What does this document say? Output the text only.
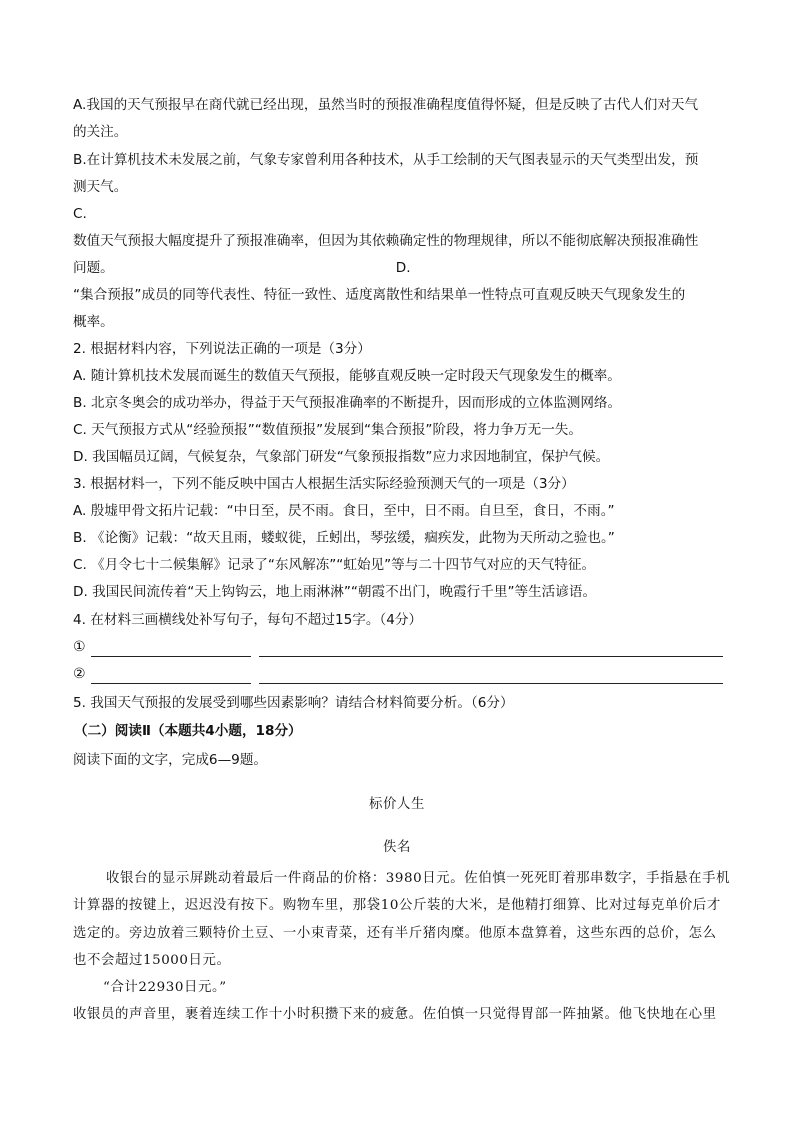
A.我国的天气预报早在商代就已经出现，虽然当时的预报准确程度值得怀疑，但是反映了古代人们对天气
的关注。
B.在计算机技术未发展之前，气象专家曾利用各种技术，从手工绘制的天气图表显示的天气类型出发，预
测天气。
C.
数值天气预报大幅度提升了预报准确率，但因为其依赖确定性的物理规律，所以不能彻底解决预报准确性
问题。	D.
“集合预报”成员的同等代表性、特征一致性、适度离散性和结果单一性特点可直观反映天气现象发生的
概率。
2. 根据材料内容，下列说法正确的一项是（3分）
A. 随计算机技术发展而诞生的数值天气预报，能够直观反映一定时段天气现象发生的概率。
B. 北京冬奥会的成功举办，得益于天气预报准确率的不断提升，因而形成的立体监测网络。
C. 天气预报方式从“经验预报”“数值预报”发展到“集合预报”阶段，将力争万无一失。
D. 我国幅员辽阔，气候复杂，气象部门研发“气象预报指数”应力求因地制宜，保护气候。
3. 根据材料一，下列不能反映中国古人根据生活实际经验预测天气的一项是（3分）
A. 殷墟甲骨文拓片记载：“中日至，昃不雨。食日，至中，日不雨。自旦至，食日，不雨。”
B. 《论衡》记载：“故天且雨，蝼蚁徙，丘蚓出，琴弦缓，痼疾发，此物为天所动之验也。”
C. 《月令七十二候集解》记录了“东风解冻”“虹始见”等与二十四节气对应的天气特征。
D. 我国民间流传着“天上钩钩云，地上雨淋淋”“朝霞不出门，晚霞行千里”等生活谚语。
4. 在材料三画横线处补写句子，每句不超过15字。（4分）
①
②
5. 我国天气预报的发展受到哪些因素影响？请结合材料简要分析。（6分）
（二）阅读Ⅱ（本题共4小题，18分）
阅读下面的文字，完成6—9题。
标价人生
佚名
收银台的显示屏跳动着最后一件商品的价格：3980日元。佐伯慎一死死盯着那串数字，手指悬在手机
计算器的按键上，迟迟没有按下。购物车里，那袋10公斤装的大米，是他精打细算、比对过每克单价后才
选定的。旁边放着三颗特价土豆、一小束青菜，还有半斤猪肉糜。他原本盘算着，这些东西的总价，怎么
也不会超过15000日元。
“合计22930日元。”
收银员的声音里，裹着连续工作十小时积攒下来的疲惫。佐伯慎一只觉得胃部一阵抽紧。他飞快地在心里
